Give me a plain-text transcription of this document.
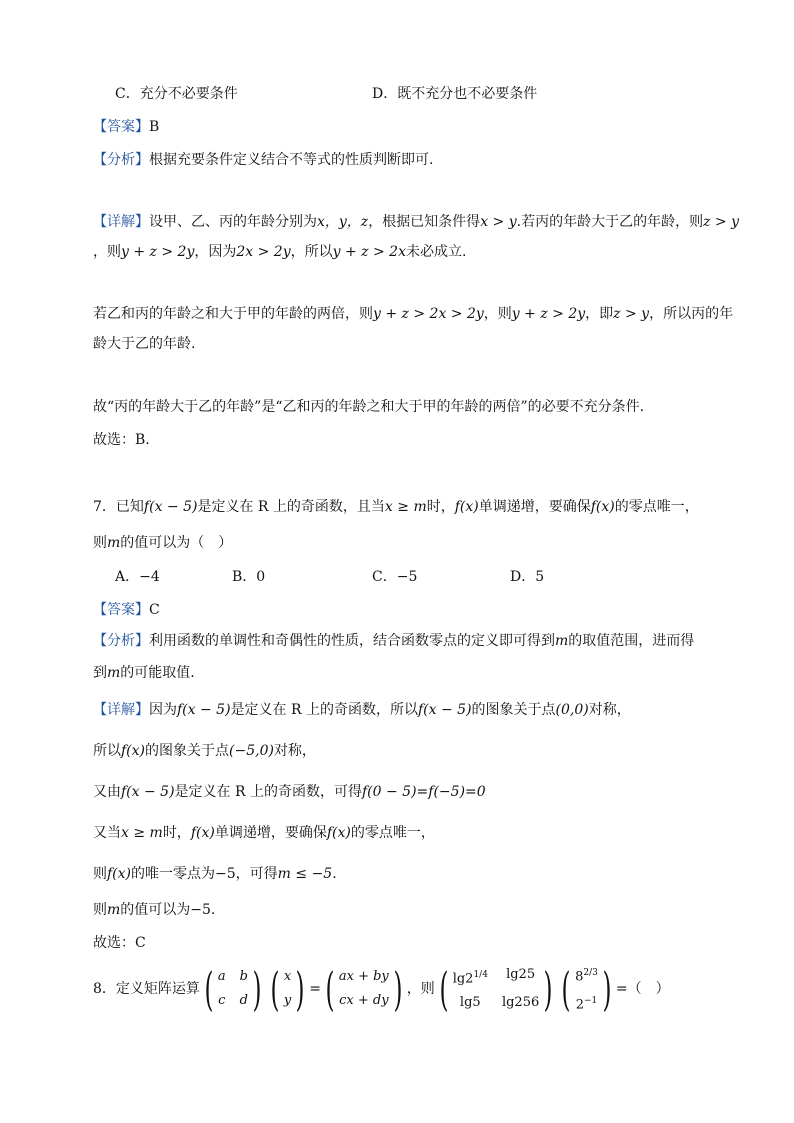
C．充分不必要条件	D．既不充分也不必要条件
【答案】B
【分析】根据充要条件定义结合不等式的性质判断即可.
【详解】设甲、乙、丙的年龄分别为x，y，z，根据已知条件得x > y.若丙的年龄大于乙的年龄，则z > y
，则y + z > 2y，因为2x > 2y，所以y + z > 2x未必成立.
若乙和丙的年龄之和大于甲的年龄的两倍，则y + z > 2x > 2y，则y + z > 2y，即z > y，所以丙的年
龄大于乙的年龄.
故“丙的年龄大于乙的年龄”是“乙和丙的年龄之和大于甲的年龄的两倍”的必要不充分条件.
故选：B.
7．已知f(x − 5)是定义在 R 上的奇函数，且当x ≥ m时，f(x)单调递增，要确保f(x)的零点唯一，
则m的值可以为（　）
A．−4	B．0	C．−5	D．5
【答案】C
【分析】利用函数的单调性和奇偶性的性质，结合函数零点的定义即可得到m的取值范围，进而得
到m的可能取值.
【详解】因为f(x − 5)是定义在 R 上的奇函数，所以f(x − 5)的图象关于点(0,0)对称，
所以f(x)的图象关于点(−5,0)对称，
又由f(x − 5)是定义在 R 上的奇函数，可得f(0 − 5)=f(−5)=0
又当x ≥ m时，f(x)单调递增，要确保f(x)的零点唯一，
则f(x)的唯一零点为−5，可得m ≤ −5.
则m的值可以为−5.
故选：C
8．定义矩阵运算 ( a b
c d ) ( x
y ) = ( ax + by
cx + dy ) ，则 ( $\lg 2^{1/4}$	lg25
lg5	lg256 ) ( $8^{2/3}$
$2^{-1}$ ) =（　）
